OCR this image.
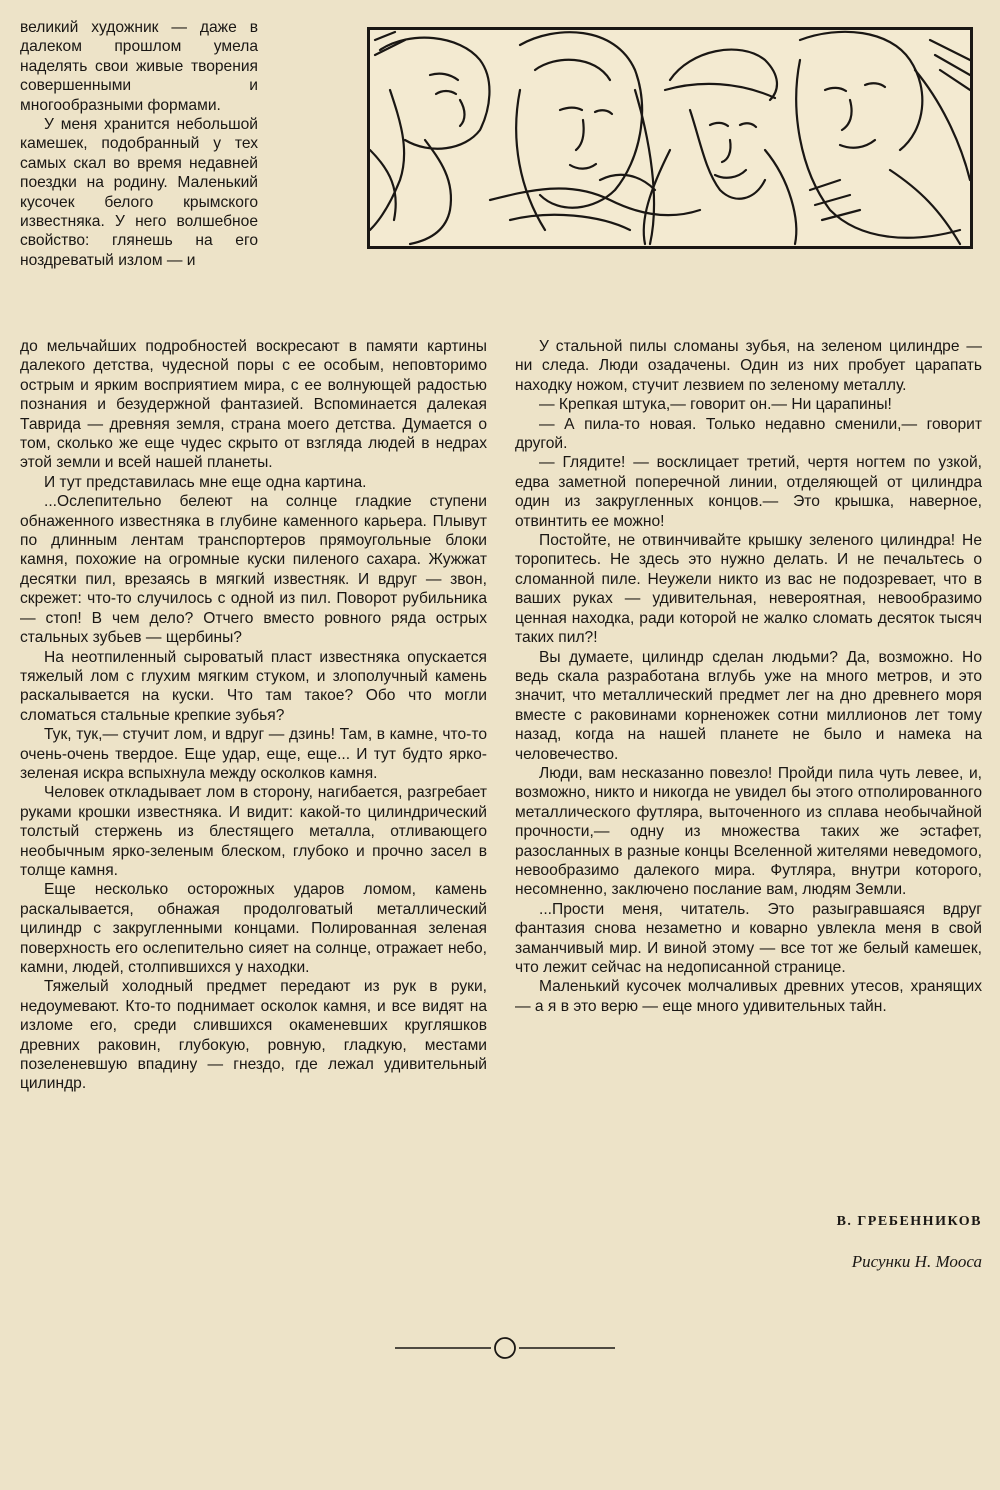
великий художник — даже в далеком прошлом умела наделять свои живые творения совершенными и многообразными формами.

У меня хранится небольшой камешек, подобранный у тех самых скал во время недавней поездки на родину. Маленький кусочек белого крымского известняка. У него волшебное свойство: глянешь на его ноздреватый излом — и

до мельчайших подробностей воскресают в памяти картины далекого детства, чудесной поры с ее особым, неповторимо острым и ярким восприятием мира, с ее волнующей радостью познания и безудержной фантазией. Вспоминается далекая Таврида — древняя земля, страна моего детства. Думается о том, сколько же еще чудес скрыто от взгляда людей в недрах этой земли и всей нашей планеты.

И тут представилась мне еще одна картина.

...Ослепительно белеют на солнце гладкие ступени обнаженного известняка в глубине каменного карьера. Плывут по длинным лентам транспортеров прямоугольные блоки камня, похожие на огромные куски пиленого сахара. Жужжат десятки пил, врезаясь в мягкий известняк. И вдруг — звон, скрежет: что-то случилось с одной из пил. Поворот рубильника — стоп! В чем дело? Отчего вместо ровного ряда острых стальных зубьев — щербины?

На неотпиленный сыроватый пласт известняка опускается тяжелый лом с глухим мягким стуком, и злополучный камень раскалывается на куски. Что там такое? Обо что могли сломаться стальные крепкие зубья?

Тук, тук,— стучит лом, и вдруг — дзинь! Там, в камне, что-то очень-очень твердое. Еще удар, еще, еще... И тут будто ярко-зеленая искра вспыхнула между осколков камня.

Человек откладывает лом в сторону, нагибается, разгребает руками крошки известняка. И видит: какой-то цилиндрический толстый стержень из блестящего металла, отливающего необычным ярко-зеленым блеском, глубоко и прочно засел в толще камня.

Еще несколько осторожных ударов ломом, камень раскалывается, обнажая продолговатый металлический цилиндр с закругленными концами. Полированная зеленая поверхность его ослепительно сияет на солнце, отражает небо, камни, людей, столпившихся у находки.

Тяжелый холодный предмет передают из рук в руки, недоумевают. Кто-то поднимает осколок камня, и все видят на изломе его, среди слившихся окаменевших кругляшков древних раковин, глубокую, ровную, гладкую, местами позеленевшую впадину — гнездо, где лежал удивительный цилиндр.

У стальной пилы сломаны зубья, на зеленом цилиндре — ни следа. Люди озадачены. Один из них пробует царапать находку ножом, стучит лезвием по зеленому металлу.

— Крепкая штука,— говорит он.— Ни царапины!

— А пила-то новая. Только недавно сменили,— говорит другой.

— Глядите! — восклицает третий, чертя ногтем по узкой, едва заметной поперечной линии, отделяющей от цилиндра один из закругленных концов.— Это крышка, наверное, отвинтить ее можно!

Постойте, не отвинчивайте крышку зеленого цилиндра! Не торопитесь. Не здесь это нужно делать. И не печальтесь о сломанной пиле. Неужели никто из вас не подозревает, что в ваших руках — удивительная, невероятная, невообразимо ценная находка, ради которой не жалко сломать десяток тысяч таких пил?!

Вы думаете, цилиндр сделан людьми? Да, возможно. Но ведь скала разработана вглубь уже на много метров, и это значит, что металлический предмет лег на дно древнего моря вместе с раковинами корненожек сотни миллионов лет тому назад, когда на нашей планете не было и намека на человечество.

Люди, вам несказанно повезло! Пройди пила чуть левее, и, возможно, никто и никогда не увидел бы этого отполированного металлического футляра, выточенного из сплава необычайной прочности,— одну из множества таких же эстафет, разосланных в разные концы Вселенной жителями неведомого, невообразимо далекого мира. Футляра, внутри которого, несомненно, заключено послание вам, людям Земли.

...Прости меня, читатель. Это разыгравшаяся вдруг фантазия снова незаметно и коварно увлекла меня в свой заманчивый мир. И виной этому — все тот же белый камешек, что лежит сейчас на недописанной странице.

Маленький кусочек молчаливых древних утесов, хранящих — а я в это верю — еще много удивительных тайн.

В. ГРЕБЕННИКОВ
Рисунки Н. Мооса
